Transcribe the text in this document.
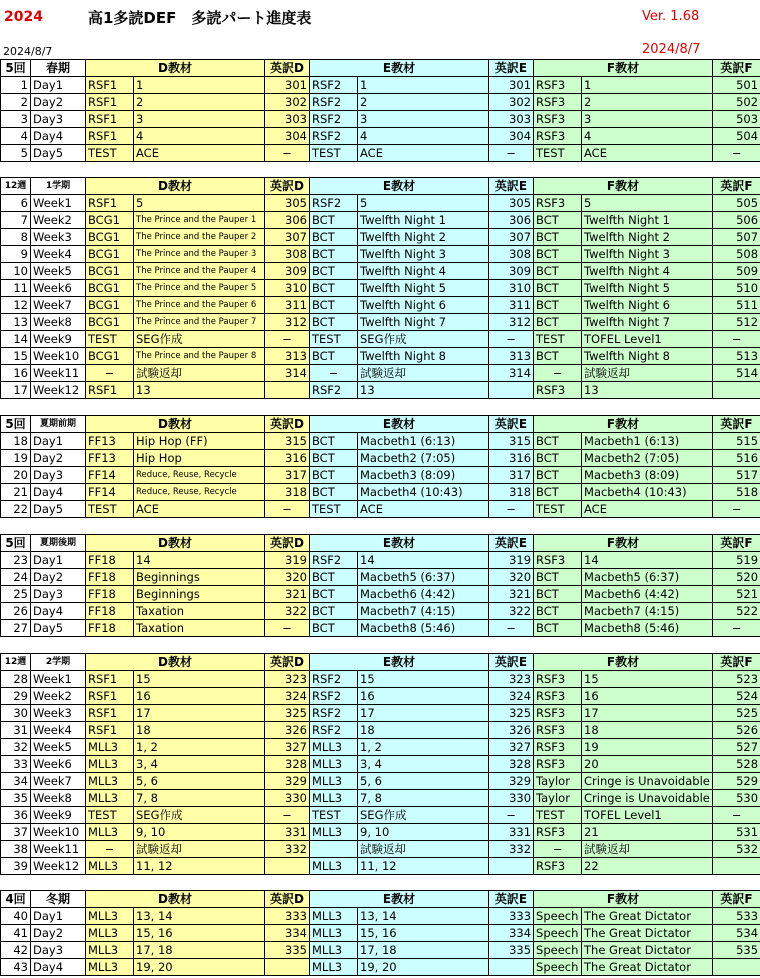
2024	高1多読DEF　多読パート進度表	Ver. 1.68
2024/8/7	2024/8/7
5回	春期	D教材		英訳D	E教材		英訳E	F教材		英訳F
1	Day1	RSF1	1	301	RSF2	1	301	RSF3	1	501
2	Day2	RSF1	2	302	RSF2	2	302	RSF3	2	502
3	Day3	RSF1	3	303	RSF2	3	303	RSF3	3	503
4	Day4	RSF1	4	304	RSF2	4	304	RSF3	4	504
5	Day5	TEST	ACE	−	TEST	ACE	−	TEST	ACE	−
12週	1学期	D教材		英訳D	E教材		英訳E	F教材		英訳F
6	Week1	RSF1	5	305	RSF2	5	305	RSF3	5	505
7	Week2	BCG1	The Prince and the Pauper 1	306	BCT	Twelfth Night 1	306	BCT	Twelfth Night 1	506
8	Week3	BCG1	The Prince and the Pauper 2	307	BCT	Twelfth Night 2	307	BCT	Twelfth Night 2	507
9	Week4	BCG1	The Prince and the Pauper 3	308	BCT	Twelfth Night 3	308	BCT	Twelfth Night 3	508
10	Week5	BCG1	The Prince and the Pauper 4	309	BCT	Twelfth Night 4	309	BCT	Twelfth Night 4	509
11	Week6	BCG1	The Prince and the Pauper 5	310	BCT	Twelfth Night 5	310	BCT	Twelfth Night 5	510
12	Week7	BCG1	The Prince and the Pauper 6	311	BCT	Twelfth Night 6	311	BCT	Twelfth Night 6	511
13	Week8	BCG1	The Prince and the Pauper 7	312	BCT	Twelfth Night 7	312	BCT	Twelfth Night 7	512
14	Week9	TEST	SEG作成	−	TEST	SEG作成	−	TEST	TOFEL Level1	−
15	Week10	BCG1	The Prince and the Pauper 8	313	BCT	Twelfth Night 8	313	BCT	Twelfth Night 8	513
16	Week11	−	試験返却	314	−	試験返却	314	−	試験返却	514
17	Week12	RSF1	13		RSF2	13		RSF3	13	
5回	夏期前期	D教材		英訳D	E教材		英訳E	F教材		英訳F
18	Day1	FF13	Hip Hop (FF)	315	BCT	Macbeth1 (6:13)	315	BCT	Macbeth1 (6:13)	515
19	Day2	FF13	Hip Hop	316	BCT	Macbeth2 (7:05)	316	BCT	Macbeth2 (7:05)	516
20	Day3	FF14	Reduce, Reuse, Recycle	317	BCT	Macbeth3 (8:09)	317	BCT	Macbeth3 (8:09)	517
21	Day4	FF14	Reduce, Reuse, Recycle	318	BCT	Macbeth4 (10:43)	318	BCT	Macbeth4 (10:43)	518
22	Day5	TEST	ACE	−	TEST	ACE	−	TEST	ACE	−
5回	夏期後期	D教材		英訳D	E教材		英訳E	F教材		英訳F
23	Day1	FF18	14	319	RSF2	14	319	RSF3	14	519
24	Day2	FF18	Beginnings	320	BCT	Macbeth5 (6:37)	320	BCT	Macbeth5 (6:37)	520
25	Day3	FF18	Beginnings	321	BCT	Macbeth6 (4:42)	321	BCT	Macbeth6 (4:42)	521
26	Day4	FF18	Taxation	322	BCT	Macbeth7 (4:15)	322	BCT	Macbeth7 (4:15)	522
27	Day5	FF18	Taxation	−	BCT	Macbeth8 (5:46)	−	BCT	Macbeth8 (5:46)	−
12週	2学期	D教材		英訳D	E教材		英訳E	F教材		英訳F
28	Week1	RSF1	15	323	RSF2	15	323	RSF3	15	523
29	Week2	RSF1	16	324	RSF2	16	324	RSF3	16	524
30	Week3	RSF1	17	325	RSF2	17	325	RSF3	17	525
31	Week4	RSF1	18	326	RSF2	18	326	RSF3	18	526
32	Week5	MLL3	1, 2	327	MLL3	1, 2	327	RSF3	19	527
33	Week6	MLL3	3, 4	328	MLL3	3, 4	328	RSF3	20	528
34	Week7	MLL3	5, 6	329	MLL3	5, 6	329	Taylor	Cringe is Unavoidable	529
35	Week8	MLL3	7, 8	330	MLL3	7, 8	330	Taylor	Cringe is Unavoidable	530
36	Week9	TEST	SEG作成	−	TEST	SEG作成	−	TEST	TOFEL Level1	−
37	Week10	MLL3	9, 10	331	MLL3	9, 10	331	RSF3	21	531
38	Week11	−	試験返却	332		試験返却	332	−	試験返却	532
39	Week12	MLL3	11, 12		MLL3	11, 12		RSF3	22	
4回	冬期	D教材		英訳D	E教材		英訳E	F教材		英訳F
40	Day1	MLL3	13, 14	333	MLL3	13, 14	333	Speech	The Great Dictator	533
41	Day2	MLL3	15, 16	334	MLL3	15, 16	334	Speech	The Great Dictator	534
42	Day3	MLL3	17, 18	335	MLL3	17, 18	335	Speech	The Great Dictator	535
43	Day4	MLL3	19, 20		MLL3	19, 20		Speech	The Great Dictator	
